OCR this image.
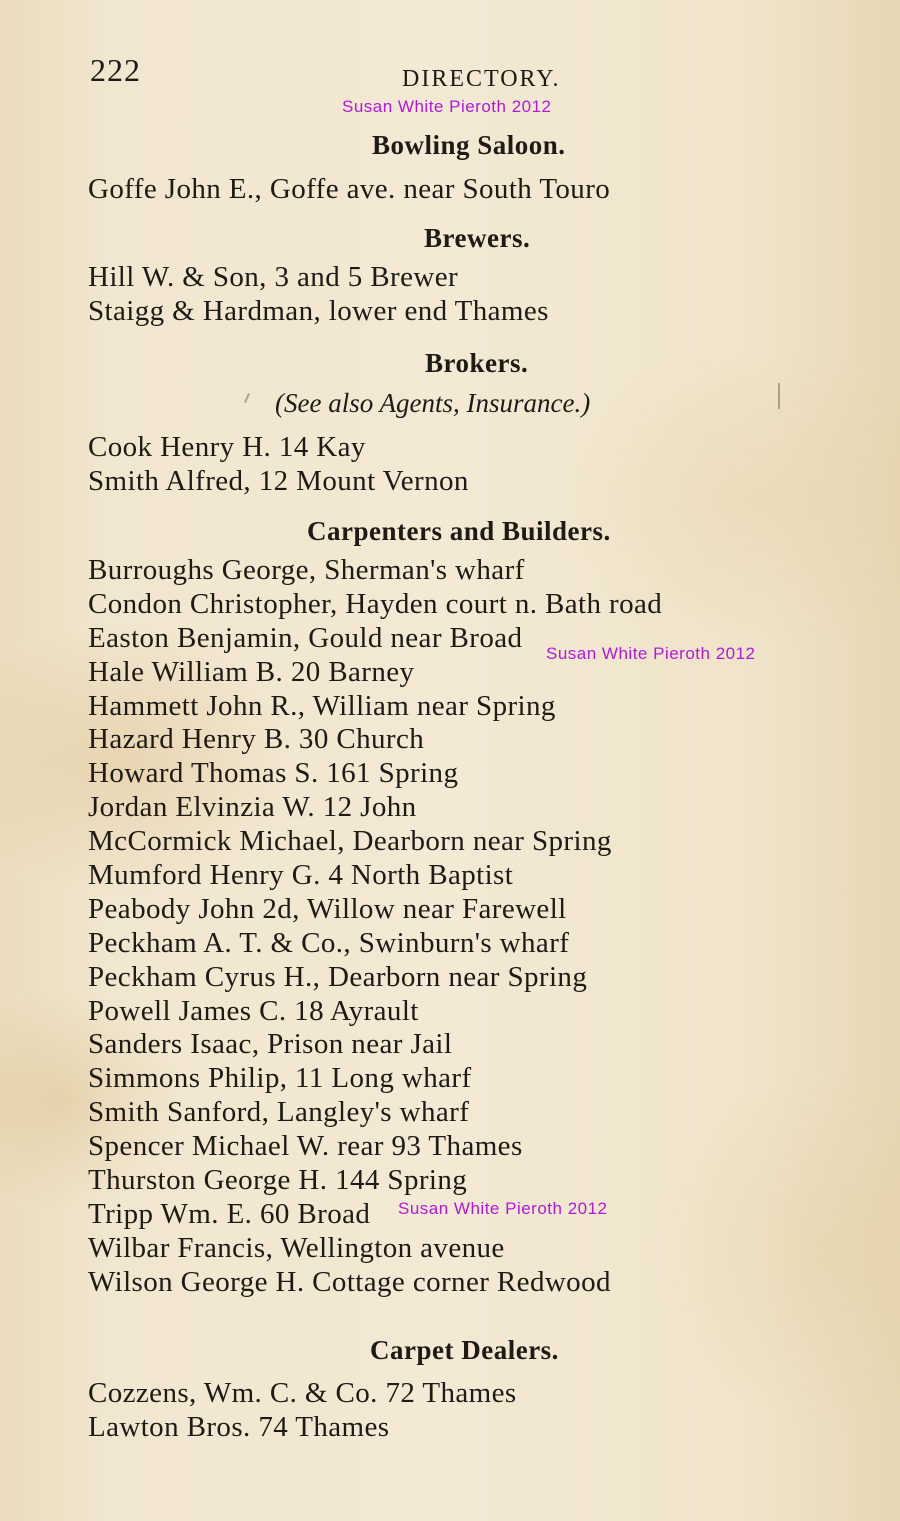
222	DIRECTORY.
Susan White Pieroth 2012
Susan White Pieroth 2012
Susan White Pieroth 2012
Bowling Saloon.
Goffe John E., Goffe ave. near South Touro
Brewers.
Hill W. & Son, 3 and 5 Brewer
Staigg & Hardman, lower end Thames
Brokers.
(See also Agents, Insurance.)
Cook Henry H. 14 Kay
Smith Alfred, 12 Mount Vernon
Carpenters and Builders.
Burroughs George, Sherman's wharf
Condon Christopher, Hayden court n. Bath road
Easton Benjamin, Gould near Broad
Hale William B. 20 Barney
Hammett John R., William near Spring
Hazard Henry B. 30 Church
Howard Thomas S. 161 Spring
Jordan Elvinzia W. 12 John
McCormick Michael, Dearborn near Spring
Mumford Henry G. 4 North Baptist
Peabody John 2d, Willow near Farewell
Peckham A. T. & Co., Swinburn's wharf
Peckham Cyrus H., Dearborn near Spring
Powell James C. 18 Ayrault
Sanders Isaac, Prison near Jail
Simmons Philip, 11 Long wharf
Smith Sanford, Langley's wharf
Spencer Michael W. rear 93 Thames
Thurston George H. 144 Spring
Tripp Wm. E. 60 Broad
Wilbar Francis, Wellington avenue
Wilson George H. Cottage corner Redwood
Carpet Dealers.
Cozzens, Wm. C. & Co. 72 Thames
Lawton Bros. 74 Thames
